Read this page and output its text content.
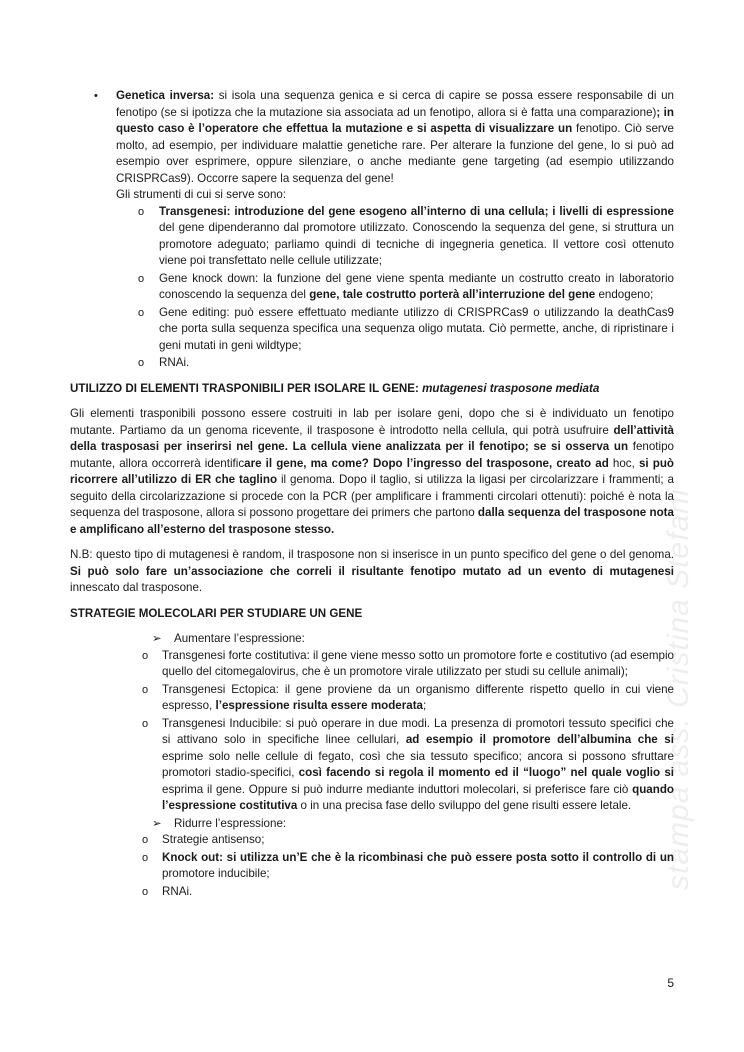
• Genetica inversa: si isola una sequenza genica e si cerca di capire se possa essere responsabile di un fenotipo (se si ipotizza che la mutazione sia associata ad un fenotipo, allora si è fatta una comparazione); in questo caso è l’operatore che effettua la mutazione e si aspetta di visualizzare un fenotipo. Ciò serve molto, ad esempio, per individuare malattie genetiche rare. Per alterare la funzione del gene, lo si può ad esempio over esprimere, oppure silenziare, o anche mediante gene targeting (ad esempio utilizzando CRISPRCas9). Occorre sapere la sequenza del gene!

Gli strumenti di cui si serve sono:

o Transgenesi: introduzione del gene esogeno all’interno di una cellula; i livelli di espressione del gene dipenderanno dal promotore utilizzato. Conoscendo la sequenza del gene, si struttura un promotore adeguato; parliamo quindi di tecniche di ingegneria genetica. Il vettore così ottenuto viene poi transfettato nelle cellule utilizzate;
o Gene knock down: la funzione del gene viene spenta mediante un costrutto creato in laboratorio conoscendo la sequenza del gene, tale costrutto porterà all’interruzione del gene endogeno;
o Gene editing: può essere effettuato mediante utilizzo di CRISPRCas9 o utilizzando la deathCas9 che porta sulla sequenza specifica una sequenza oligo mutata. Ciò permette, anche, di ripristinare i geni mutati in geni wildtype;
o RNAi.

UTILIZZO DI ELEMENTI TRASPONIBILI PER ISOLARE IL GENE: mutagenesi trasposone mediata

Gli elementi trasponibili possono essere costruiti in lab per isolare geni, dopo che si è individuato un fenotipo mutante. Partiamo da un genoma ricevente, il trasposone è introdotto nella cellula, qui potrà usufruire dell’attività della trasposasi per inserirsi nel gene. La cellula viene analizzata per il fenotipo; se si osserva un fenotipo mutante, allora occorrerà identificare il gene, ma come? Dopo l’ingresso del trasposone, creato ad hoc, si può ricorrere all’utilizzo di ER che taglino il genoma. Dopo il taglio, si utilizza la ligasi per circolarizzare i frammenti; a seguito della circolarizzazione si procede con la PCR (per amplificare i frammenti circolari ottenuti): poiché è nota la sequenza del trasposone, allora si possono progettare dei primers che partono dalla sequenza del trasposone nota e amplificano all’esterno del trasposone stesso.

N.B: questo tipo di mutagenesi è random, il trasposone non si inserisce in un punto specifico del gene o del genoma. Si può solo fare un’associazione che correli il risultante fenotipo mutato ad un evento di mutagenesi innescato dal trasposone.

STRATEGIE MOLECOLARI PER STUDIARE UN GENE

➢ Aumentare l’espressione:
o Transgenesi forte costitutiva: il gene viene messo sotto un promotore forte e costitutivo (ad esempio quello del citomegalovirus, che è un promotore virale utilizzato per studi su cellule animali);
o Transgenesi Ectopica: il gene proviene da un organismo differente rispetto quello in cui viene espresso, l’espressione risulta essere moderata;
o Transgenesi Inducibile: si può operare in due modi. La presenza di promotori tessuto specifici che si attivano solo in specifiche linee cellulari, ad esempio il promotore dell’albumina che si esprime solo nelle cellule di fegato, così che sia tessuto specifico; ancora si possono sfruttare promotori stadio-specifici, così facendo si regola il momento ed il “luogo” nel quale voglio si esprima il gene. Oppure si può indurre mediante induttori molecolari, si preferisce fare ciò quando l’espressione costitutiva o in una precisa fase dello sviluppo del gene risulti essere letale.
➢ Ridurre l’espressione:
o Strategie antisenso;
o Knock out: si utilizza un’E che è la ricombinasi che può essere posta sotto il controllo di un promotore inducibile;
o RNAi.
stampa ass. Cristina Stefani
5
